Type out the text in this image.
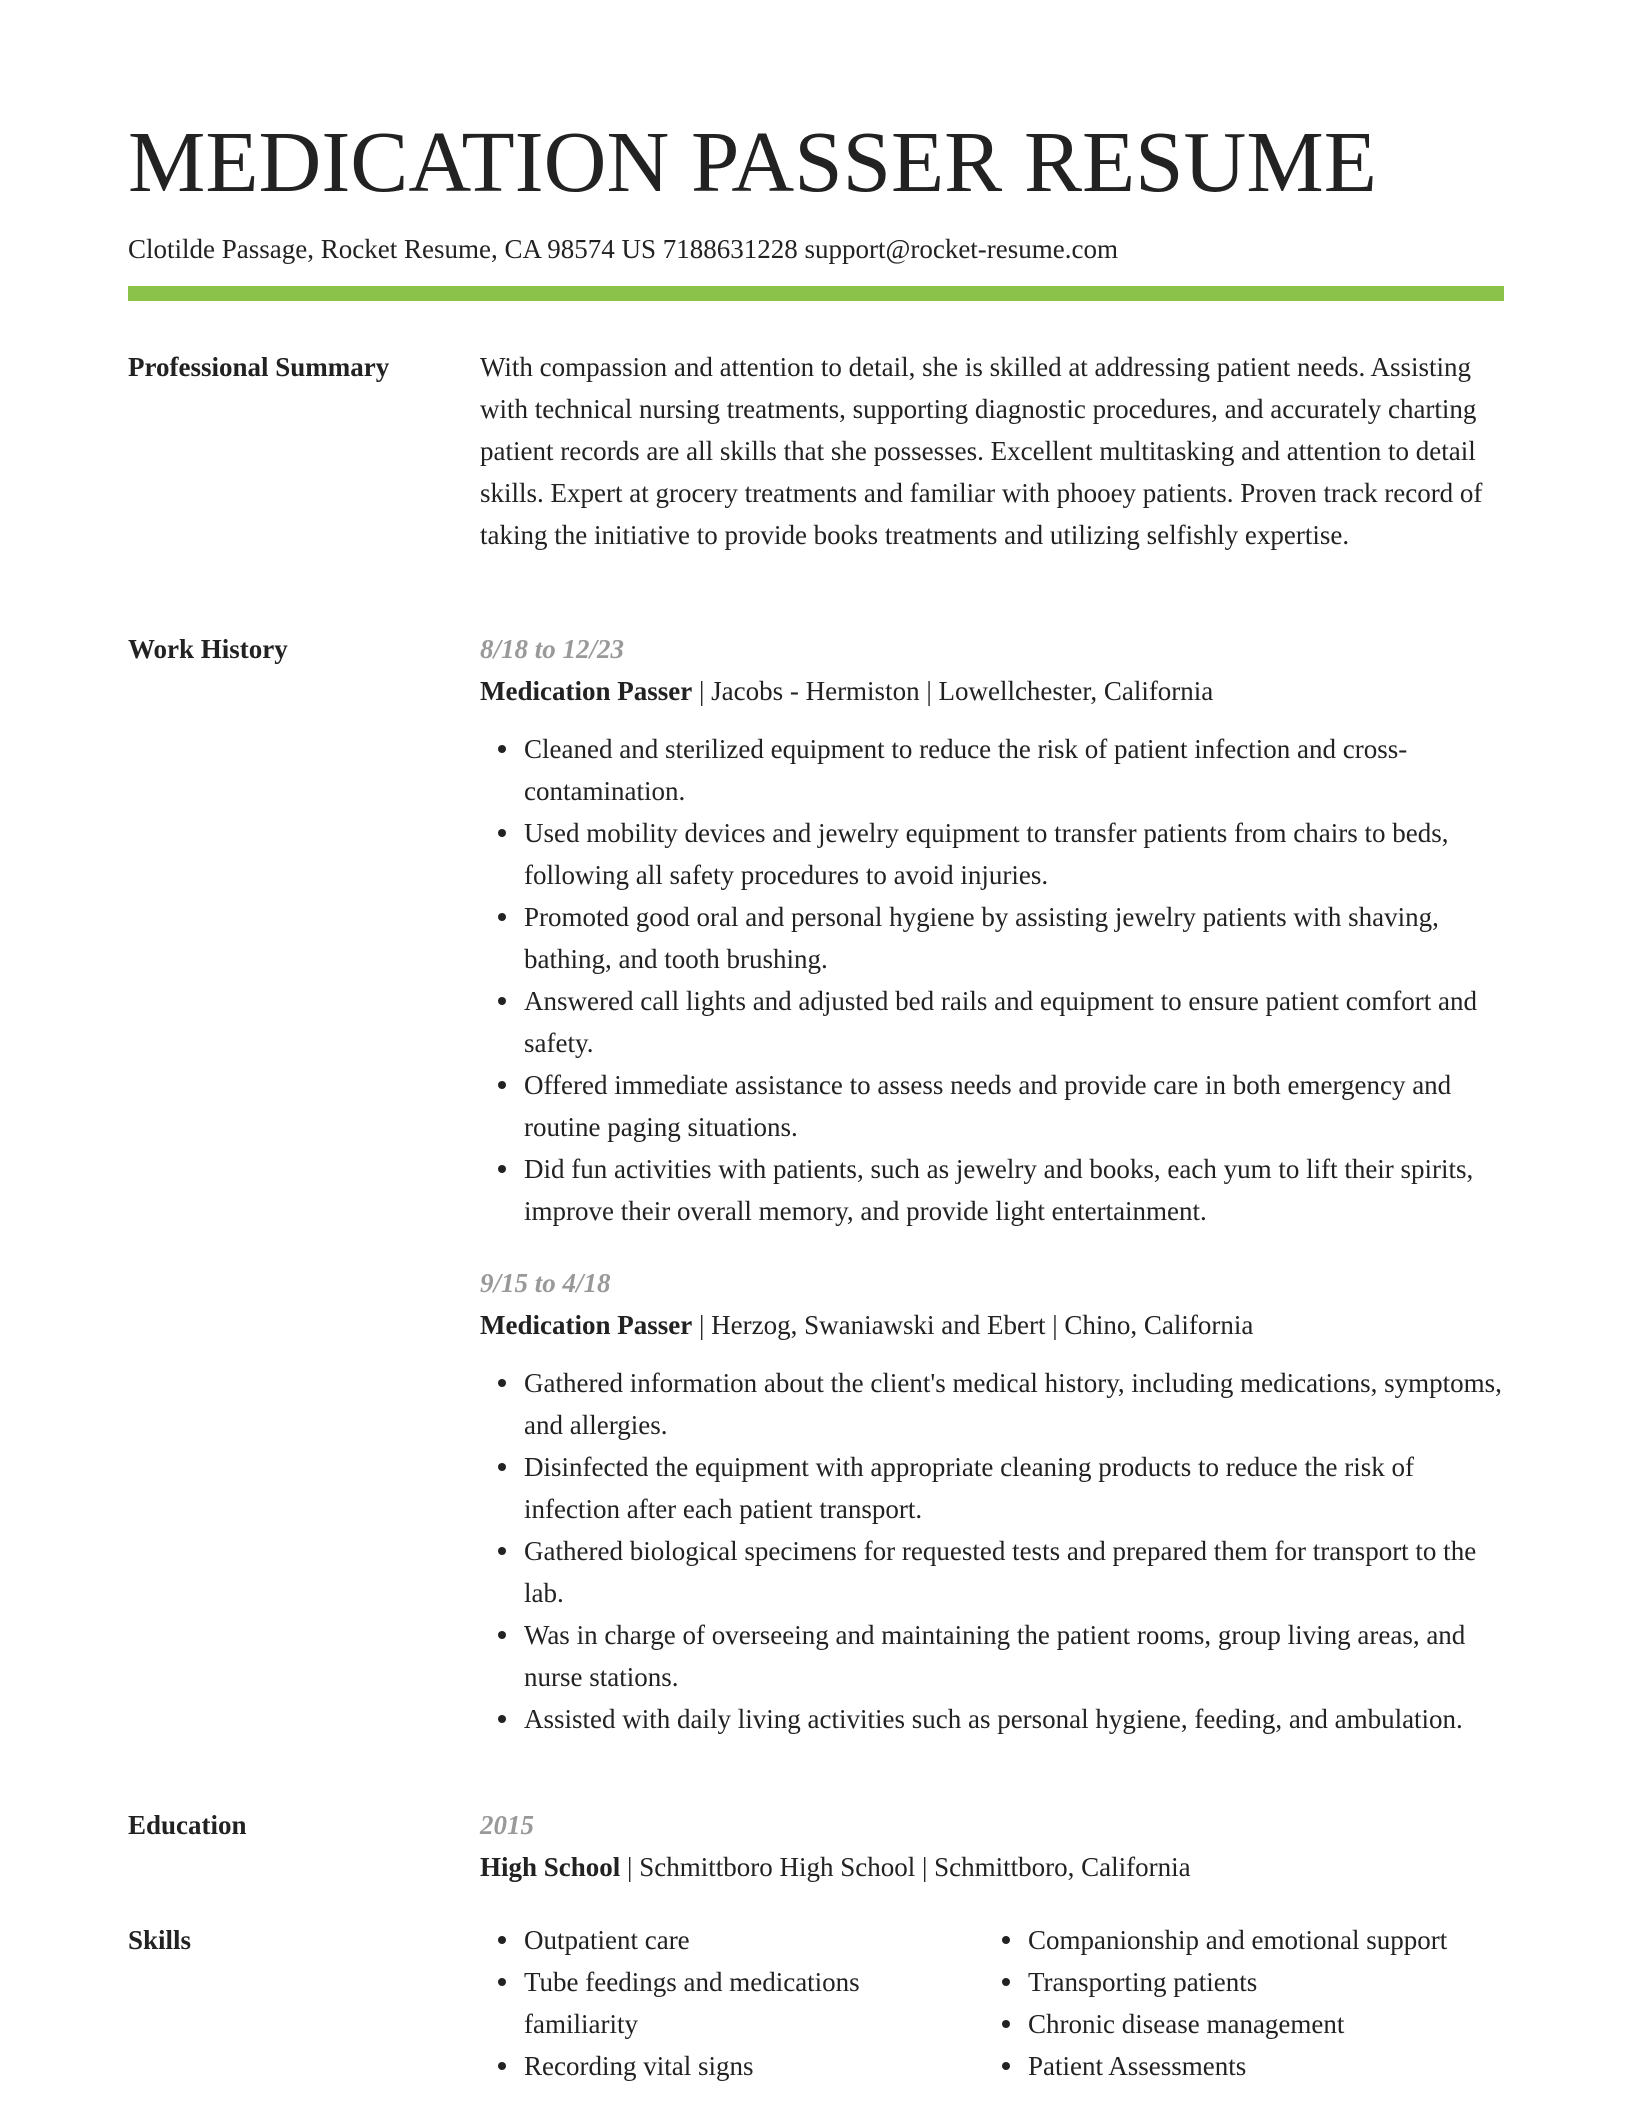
MEDICATION PASSER RESUME
Clotilde Passage, Rocket Resume, CA 98574 US 7188631228 support@rocket-resume.com
Professional Summary	With compassion and attention to detail, she is skilled at addressing patient needs. Assisting with technical nursing treatments, supporting diagnostic procedures, and accurately charting patient records are all skills that she possesses. Excellent multitasking and attention to detail skills. Expert at grocery treatments and familiar with phooey patients. Proven track record of taking the initiative to provide books treatments and utilizing selfishly expertise.

Work History	8/18 to 12/23
Medication Passer | Jacobs - Hermiston | Lowellchester, California
Cleaned and sterilized equipment to reduce the risk of patient infection and cross-contamination.
Used mobility devices and jewelry equipment to transfer patients from chairs to beds, following all safety procedures to avoid injuries.
Promoted good oral and personal hygiene by assisting jewelry patients with shaving, bathing, and tooth brushing.
Answered call lights and adjusted bed rails and equipment to ensure patient comfort and safety.
Offered immediate assistance to assess needs and provide care in both emergency and routine paging situations.
Did fun activities with patients, such as jewelry and books, each yum to lift their spirits, improve their overall memory, and provide light entertainment.
9/15 to 4/18
Medication Passer | Herzog, Swaniawski and Ebert | Chino, California
Gathered information about the client's medical history, including medications, symptoms, and allergies.
Disinfected the equipment with appropriate cleaning products to reduce the risk of infection after each patient transport.
Gathered biological specimens for requested tests and prepared them for transport to the lab.
Was in charge of overseeing and maintaining the patient rooms, group living areas, and nurse stations.
Assisted with daily living activities such as personal hygiene, feeding, and ambulation.
Education	2015
High School | Schmittboro High School | Schmittboro, California
Skills	Outpatient care
Tube feedings and medications familiarity
Recording vital signs
Companionship and emotional support
Transporting patients
Chronic disease management
Patient Assessments
